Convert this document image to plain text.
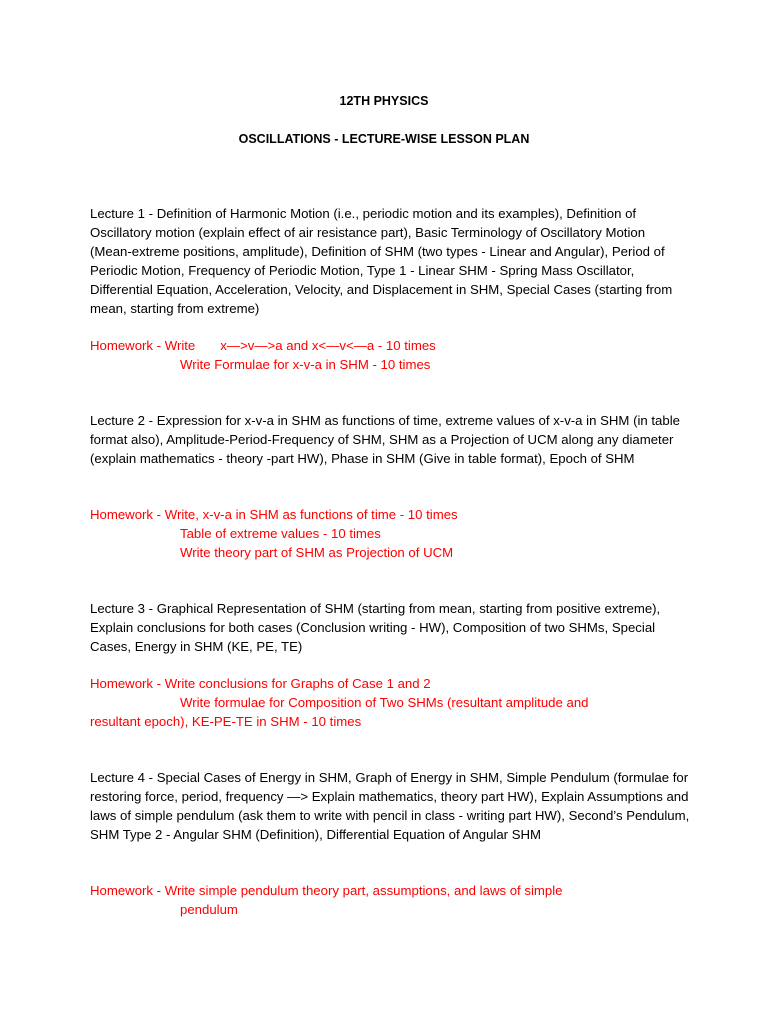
12TH PHYSICS
OSCILLATIONS - LECTURE-WISE LESSON PLAN
Lecture 1 - Definition of Harmonic Motion (i.e., periodic motion and its examples), Definition of Oscillatory motion (explain effect of air resistance part), Basic Terminology of Oscillatory Motion (Mean-extreme positions, amplitude), Definition of SHM (two types - Linear and Angular), Period of Periodic Motion, Frequency of Periodic Motion, Type 1 - Linear SHM - Spring Mass Oscillator, Differential Equation, Acceleration, Velocity, and Displacement in SHM, Special Cases (starting from mean, starting from extreme)
Homework - Write x—>v—>a and x<—v<—a - 10 times
Write Formulae for x-v-a in SHM - 10 times
Lecture 2 - Expression for x-v-a in SHM as functions of time, extreme values of x-v-a in SHM (in table format also), Amplitude-Period-Frequency of SHM, SHM as a Projection of UCM along any diameter (explain mathematics - theory -part HW), Phase in SHM (Give in table format), Epoch of SHM
Homework - Write, x-v-a in SHM as functions of time - 10 times
Table of extreme values - 10 times
Write theory part of SHM as Projection of UCM
Lecture 3 - Graphical Representation of SHM (starting from mean, starting from positive extreme), Explain conclusions for both cases (Conclusion writing - HW), Composition of two SHMs, Special Cases, Energy in SHM (KE, PE, TE)
Homework - Write conclusions for Graphs of Case 1 and 2
Write formulae for Composition of Two SHMs (resultant amplitude and
resultant epoch), KE-PE-TE in SHM - 10 times
Lecture 4 - Special Cases of Energy in SHM, Graph of Energy in SHM, Simple Pendulum (formulae for restoring force, period, frequency —> Explain mathematics, theory part HW), Explain Assumptions and laws of simple pendulum (ask them to write with pencil in class - writing part HW), Second’s Pendulum, SHM Type 2 - Angular SHM (Definition), Differential Equation of Angular SHM
Homework - Write simple pendulum theory part, assumptions, and laws of simple
pendulum
